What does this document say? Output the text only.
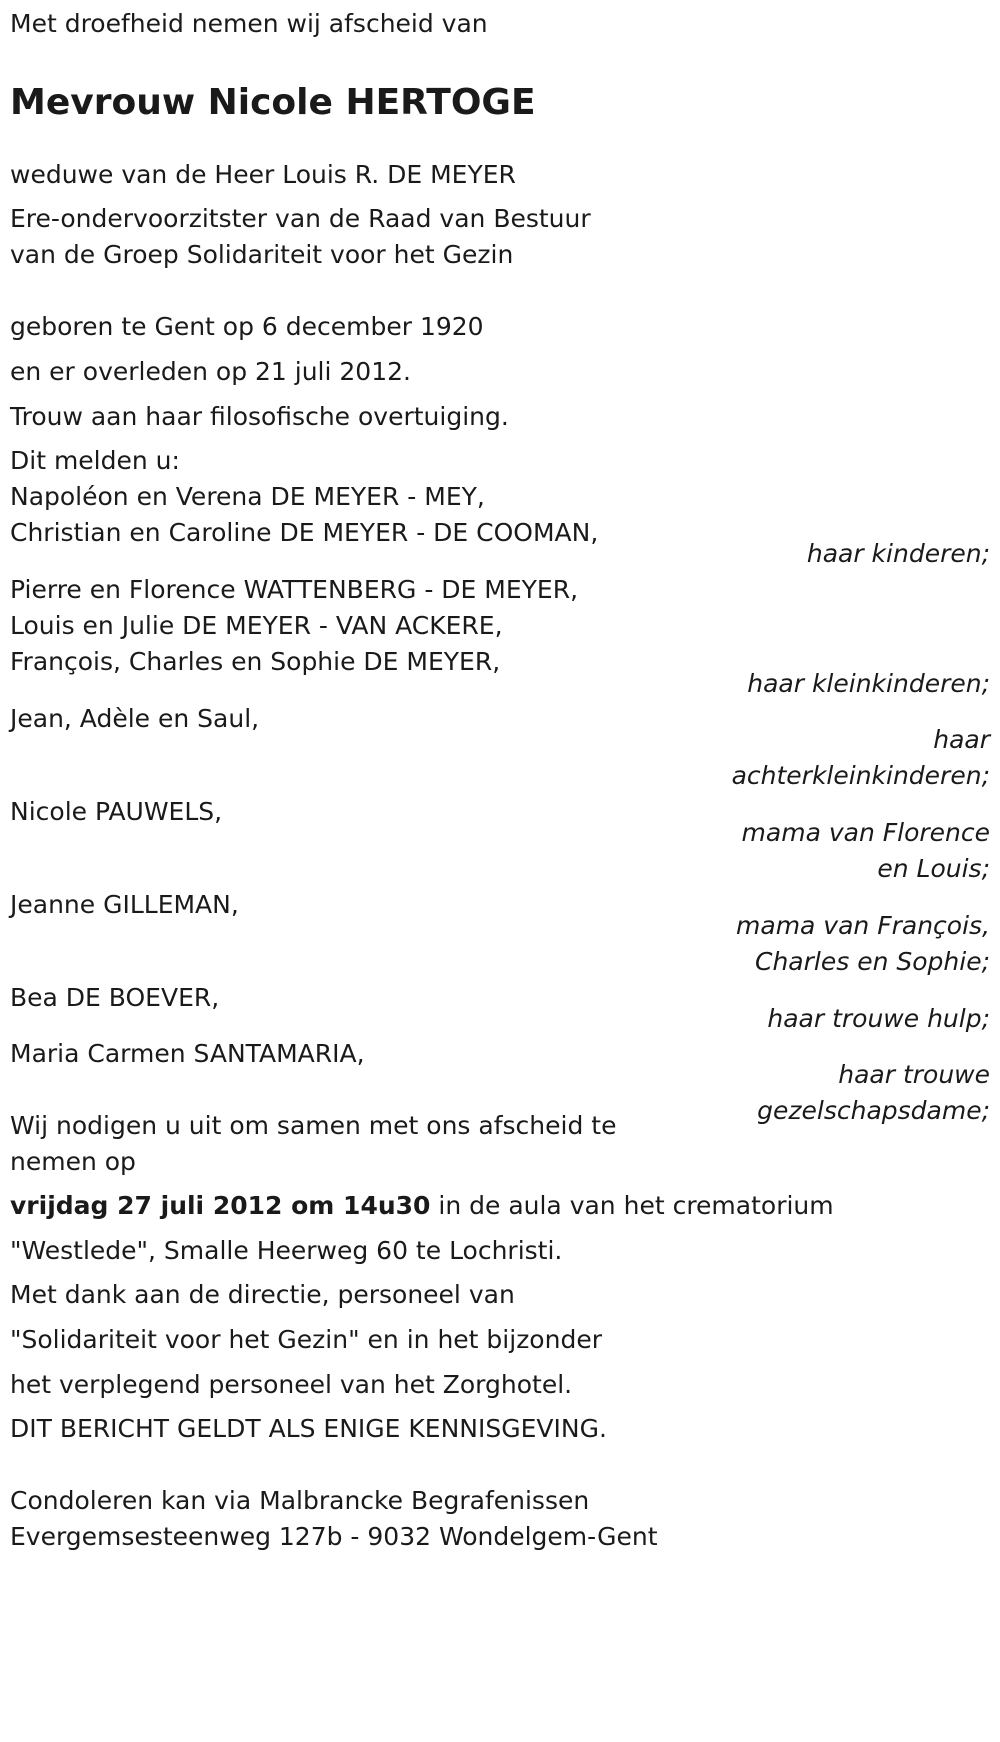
Met droefheid nemen wij afscheid van
Mevrouw Nicole HERTOGE
weduwe van de Heer Louis R. DE MEYER
Ere-ondervoorzitster van de Raad van Bestuur
van de Groep Solidariteit voor het Gezin
geboren te Gent op 6 december 1920
en er overleden op 21 juli 2012.
Trouw aan haar filosofische overtuiging.
Dit melden u:
Napoléon en Verena DE MEYER - MEY,
Christian en Caroline DE MEYER - DE COOMAN,
haar kinderen;
Pierre en Florence WATTENBERG - DE MEYER,
Louis en Julie DE MEYER - VAN ACKERE,
François, Charles en Sophie DE MEYER,
haar kleinkinderen;
Jean, Adèle en Saul,
haar
achterkleinkinderen;
Nicole PAUWELS,
mama van Florence
en Louis;
Jeanne GILLEMAN,
mama van François,
Charles en Sophie;
Bea DE BOEVER,
haar trouwe hulp;
Maria Carmen SANTAMARIA,
haar trouwe
gezelschapsdame;
Wij nodigen u uit om samen met ons afscheid te
nemen op
vrijdag 27 juli 2012 om 14u30 in de aula van het crematorium
"Westlede", Smalle Heerweg 60 te Lochristi.
Met dank aan de directie, personeel van
"Solidariteit voor het Gezin" en in het bijzonder
het verplegend personeel van het Zorghotel.
DIT BERICHT GELDT ALS ENIGE KENNISGEVING.
Condoleren kan via Malbrancke Begrafenissen
Evergemsesteenweg 127b - 9032 Wondelgem-Gent
